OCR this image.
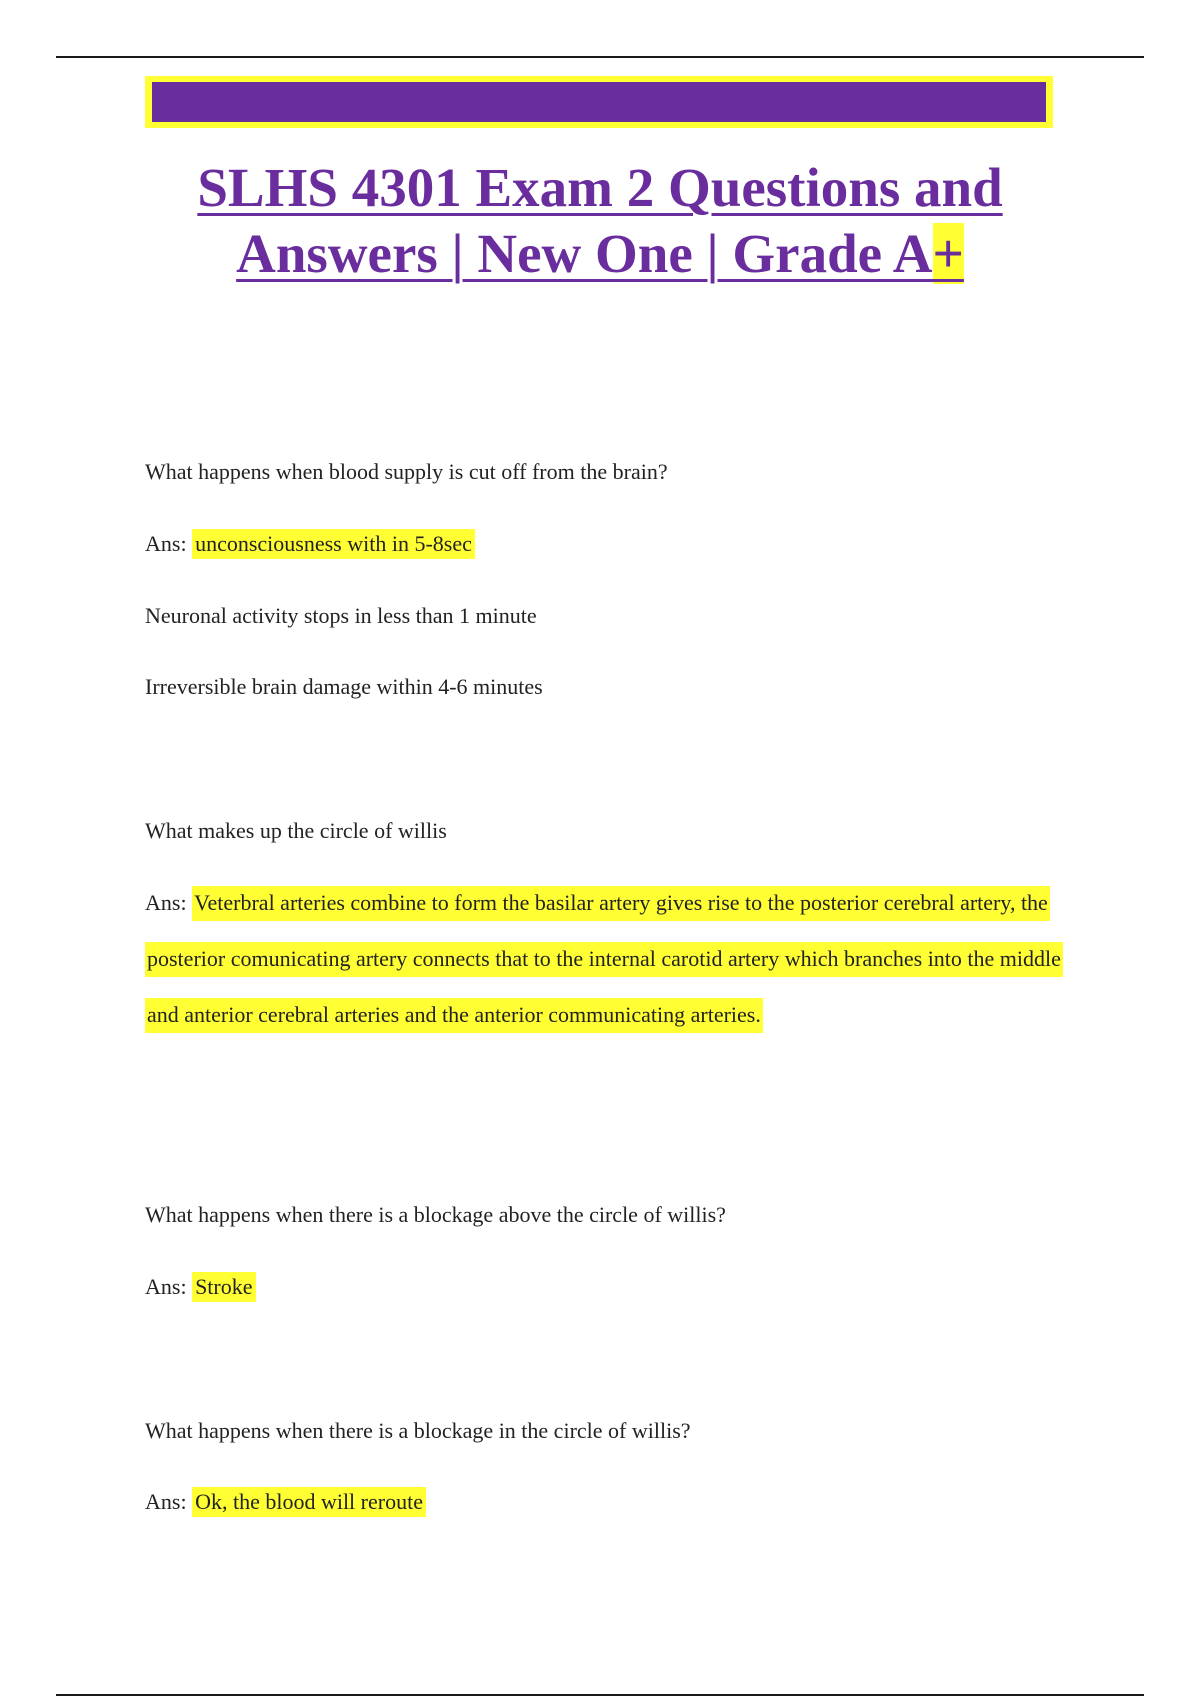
SLHS 4301 Exam 2 Questions and Answers | New One | Grade A+

What happens when blood supply is cut off from the brain?

Ans: unconsciousness with in 5-8sec

Neuronal activity stops in less than 1 minute

Irreversible brain damage within 4-6 minutes

What makes up the circle of willis

Ans: Veterbral arteries combine to form the basilar artery gives rise to the posterior cerebral artery, the posterior comunicating artery connects that to the internal carotid artery which branches into the middle and anterior cerebral arteries and the anterior communicating arteries.

What happens when there is a blockage above the circle of willis?

Ans: Stroke

What happens when there is a blockage in the circle of willis?

Ans: Ok, the blood will reroute
